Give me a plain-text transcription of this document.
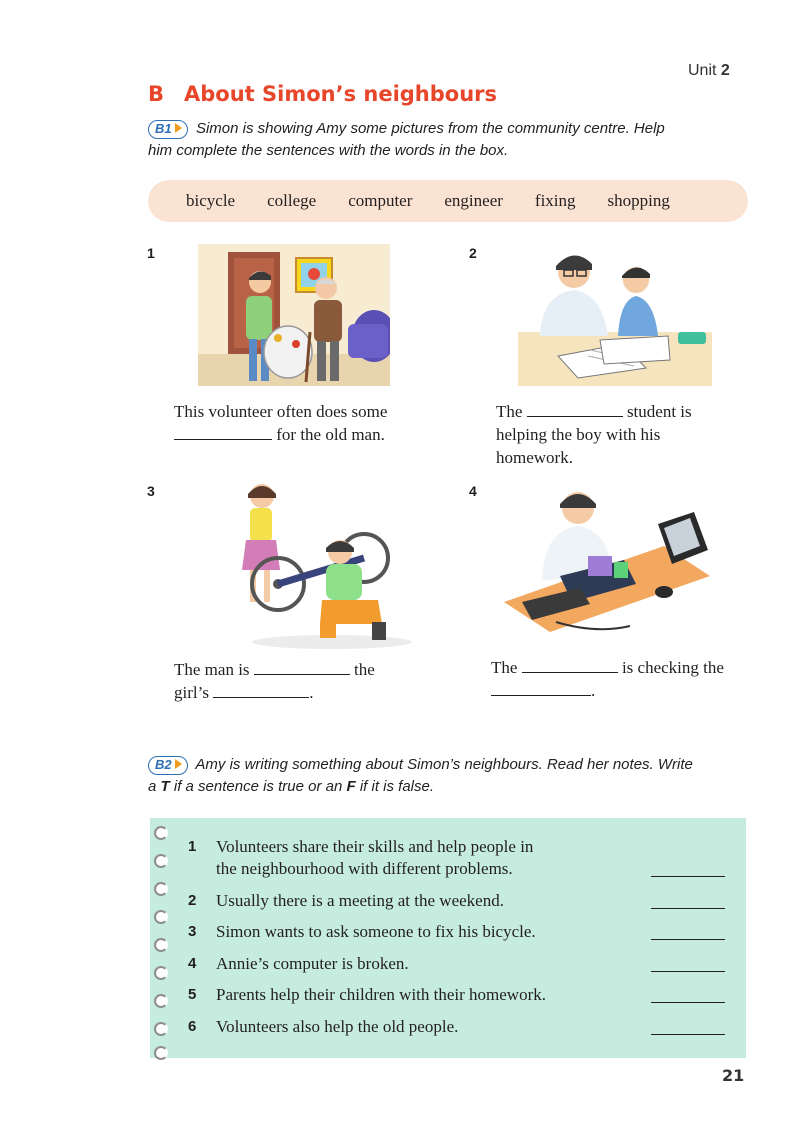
Unit 2
B About Simon’s neighbours
B1 Simon is showing Amy some pictures from the community centre. Help
him complete the sentences with the words in the box.
bicycle college computer engineer fixing shopping
1
This volunteer often does some
for the old man.
2
The	student is
helping the boy with his
homework.
3
The man is	the
girl’s	.
4
The	is checking the
.
B2 Amy is writing something about Simon’s neighbours. Read her notes. Write
a T if a sentence is true or an F if it is false.
1	Volunteers share their skills and help people in
the neighbourhood with different problems.
2	Usually there is a meeting at the weekend.
3	Simon wants to ask someone to fix his bicycle.
4	Annie’s computer is broken.
5	Parents help their children with their homework.
6	Volunteers also help the old people.
21
